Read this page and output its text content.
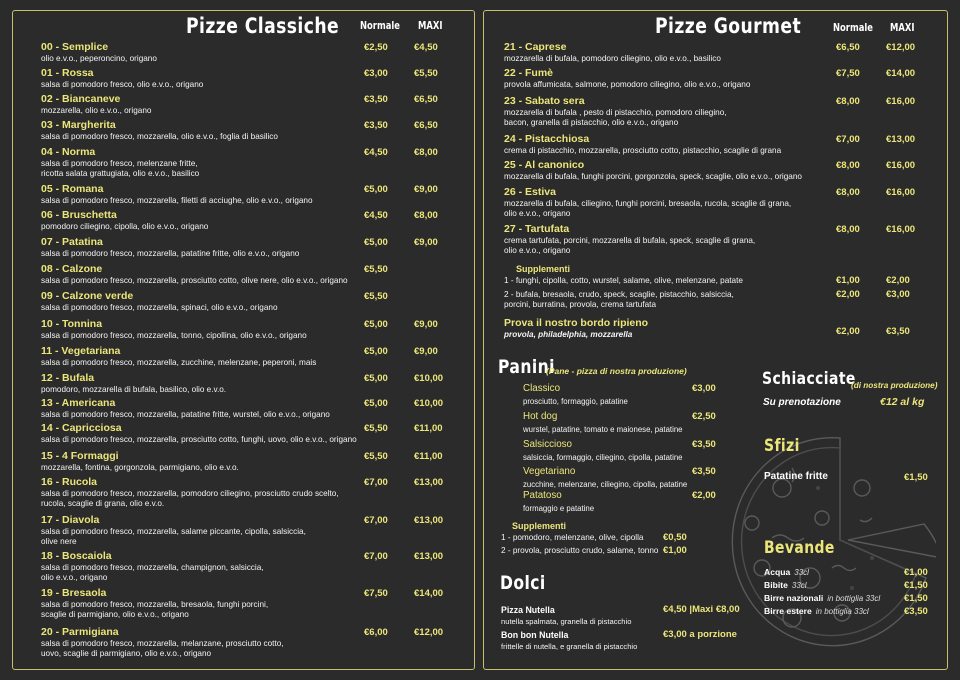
Pizze Classiche Normale MAXI
00 - Semplice
olio e.v.o., peperoncino, origano
€2,50	€4,50
01 - Rossa
salsa di pomodoro fresco, olio e.v.o., origano
€3,00	€5,50
02 - Biancaneve
mozzarella, olio e.v.o., origano
€3,50	€6,50
03 - Margherita
salsa di pomodoro fresco, mozzarella, olio e.v.o., foglia di basilico
€3,50	€6,50
04 - Norma
salsa di pomodoro fresco, melenzane fritte,
ricotta salata grattugiata, olio e.v.o., basilico
€4,50	€8,00
05 - Romana
salsa di pomodoro fresco, mozzarella, filetti di acciughe, olio e.v.o., origano
€5,00	€9,00
06 - Bruschetta
pomodoro ciliegino, cipolla, olio e.v.o., origano
€4,50	€8,00
07 - Patatina
salsa di pomodoro fresco, mozzarella, patatine fritte, olio e.v.o., origano
€5,00	€9,00
08 - Calzone
salsa di pomodoro fresco, mozzarella, prosciutto cotto, olive nere, olio e.v.o., origano
€5,50
09 - Calzone verde
salsa di pomodoro fresco, mozzarella, spinaci, olio e.v.o., origano
€5,50
10 - Tonnina
salsa di pomodoro fresco, mozzarella, tonno, cipollina, olio e.v.o., origano
€5,00	€9,00
11 - Vegetariana
salsa di pomodoro fresco, mozzarella, zucchine, melenzane, peperoni, mais
€5,00	€9,00
12 - Bufala
pomodoro, mozzarella di bufala, basilico, olio e.v.o.
€5,00	€10,00
13 - Americana
salsa di pomodoro fresco, mozzarella, patatine fritte, wurstel, olio e.v.o., origano
€5,00	€10,00
14 - Capricciosa
salsa di pomodoro fresco, mozzarella, prosciutto cotto, funghi, uovo, olio e.v.o., origano
€5,50	€11,00
15 - 4 Formaggi
mozzarella, fontina, gorgonzola, parmigiano, olio e.v.o.
€5,50	€11,00
16 - Rucola
salsa di pomodoro fresco, mozzarella, pomodoro ciliegino, prosciutto crudo scelto,
rucola, scaglie di grana, olio e.v.o.
€7,00	€13,00
17 - Diavola
salsa di pomodoro fresco, mozzarella, salame piccante, cipolla, salsiccia,
olive nere
€7,00	€13,00
18 - Boscaiola
salsa di pomodoro fresco, mozzarella, champignon, salsiccia,
olio e.v.o., origano
€7,00	€13,00
19 - Bresaola
salsa di pomodoro fresco, mozzarella, bresaola, funghi porcini,
scaglie di parmigiano, olio e.v.o., origano
€7,50	€14,00
20 - Parmigiana
salsa di pomodoro fresco, mozzarella, melanzane, prosciutto cotto,
uovo, scaglie di parmigiano, olio e.v.o., origano
€6,00	€12,00
Pizze Gourmet	Normale MAXI
21 - Caprese
mozzarella di bufala, pomodoro ciliegino, olio e.v.o., basilico
€6,50	€12,00
22 - Fumè
provola affumicata, salmone, pomodoro ciliegino, olio e.v.o., origano
€7,50	€14,00
23 - Sabato sera
mozzarella di bufala , pesto di pistacchio, pomodoro ciliegino,
bacon, granella di pistacchio, olio e.v.o., origano
€8,00	€16,00
24 - Pistacchiosa
crema di pistacchio, mozzarella, prosciutto cotto, pistacchio, scaglie di grana
€7,00	€13,00
25 - Al canonico
mozzarella di bufala, funghi porcini, gorgonzola, speck, scaglie, olio e.v.o., origano
€8,00	€16,00
26 - Estiva
mozzarella di bufala, ciliegino, funghi porcini, bresaola, rucola, scaglie di grana,
olio e.v.o., origano
€8,00	€16,00
27 - Tartufata
crema tartufata, porcini, mozzarella di bufala, speck, scaglie di grana,
olio e.v.o., origano
€8,00	€16,00
Supplementi
1 - funghi, cipolla, cotto, wurstel, salame, olive, melenzane, patate	€1,00	€2,00
2 - bufala, bresaola, crudo, speck, scaglie, pistacchio, salsiccia,
porcini, burratina, provola, crema tartufata
€2,00	€3,00
Prova il nostro bordo ripieno
provola, philadelphia, mozzarella	€2,00	€3,50
Panini
(Pane - pizza di nostra produzione)
Classico
prosciutto, formaggio, patatine
€3,00
Hot dog
wurstel, patatine, tomato e maionese, patatine
€2,50
Salsiccioso
salsiccia, formaggio, ciliegino, cipolla, patatine
€3,50
Vegetariano
zucchine, melenzane, ciliegino, cipolla, patatine
€3,50
Patatoso
formaggio e patatine
€2,00
Supplementi
1 - pomodoro, melenzane, olive, cipolla €0,50
2 - provola, prosciutto crudo, salame, tonno €1,00
Dolci
Pizza Nutella
nutella spalmata, granella di pistacchio
€4,50 |Maxi €8,00
Bon bon Nutella
frittelle di nutella, e granella di pistacchio
€3,00 a porzione
Schiacciate
(di nostra produzione)
Su prenotazione	€12 al kg
Sfizi
Patatine fritte	€1,50
Bevande
Acqua 33cl	€1,00
Bibite 33cl	€1,50
Birre nazionali in bottiglia 33cl	€1,50
Birre estere in bottiglia 33cl	€3,50
